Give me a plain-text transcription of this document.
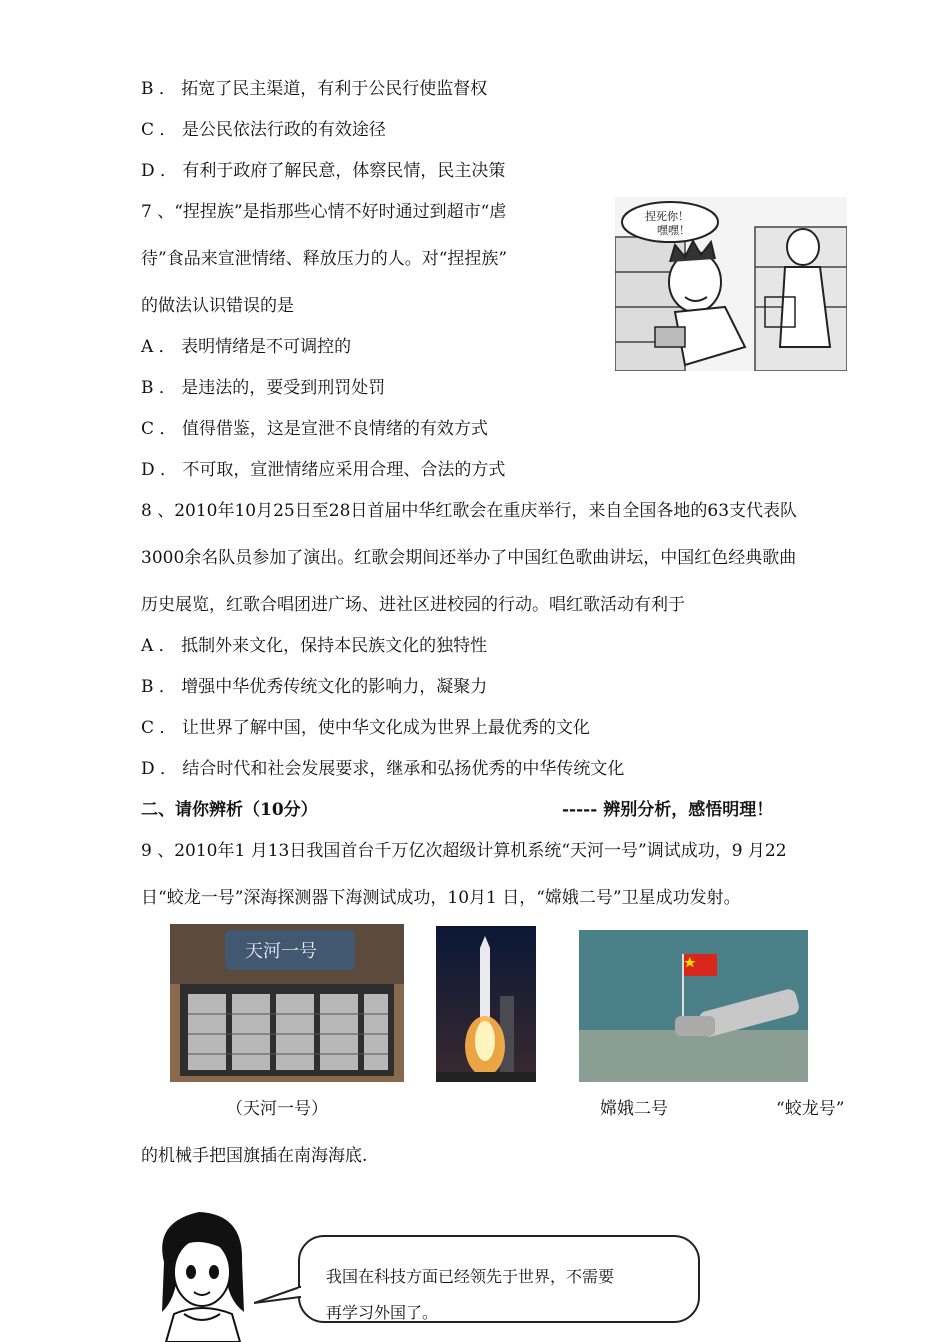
B ． 拓宽了民主渠道，有利于公民行使监督权
C ． 是公民依法行政的有效途径
D ． 有利于政府了解民意，体察民情，民主决策
7 、“捏捏族”是指那些心情不好时通过到超市“虐
待”食品来宣泄情绪、释放压力的人。对“捏捏族”
的做法认识错误的是
A ． 表明情绪是不可调控的
B ． 是违法的，要受到刑罚处罚
C ． 值得借鉴，这是宣泄不良情绪的有效方式
D ． 不可取，宣泄情绪应采用合理、合法的方式
捏死你！
嘿嘿！
8 、2010年10月25日至28日首届中华红歌会在重庆举行，来自全国各地的63支代表队
3000余名队员参加了演出。红歌会期间还举办了中国红色歌曲讲坛，中国红色经典歌曲
历史展览，红歌合唱团进广场、进社区进校园的行动。唱红歌活动有利于
A ． 抵制外来文化，保持本民族文化的独特性
B ． 增强中华优秀传统文化的影响力，凝聚力
C ． 让世界了解中国，使中华文化成为世界上最优秀的文化
D ． 结合时代和社会发展要求，继承和弘扬优秀的中华传统文化
二、请你辨析（10分）	----- 辨别分析，感悟明理！
9 、2010年1 月13日我国首台千万亿次超级计算机系统“天河一号”调试成功，9 月22
日“蛟龙一号”深海探测器下海测试成功，10月1 日，“嫦娥二号”卫星成功发射。
天河一号
（天河一号）	嫦娥二号	“蛟龙号”
的机械手把国旗插在南海海底.
我国在科技方面已经领先于世界，不需要
再学习外国了。
